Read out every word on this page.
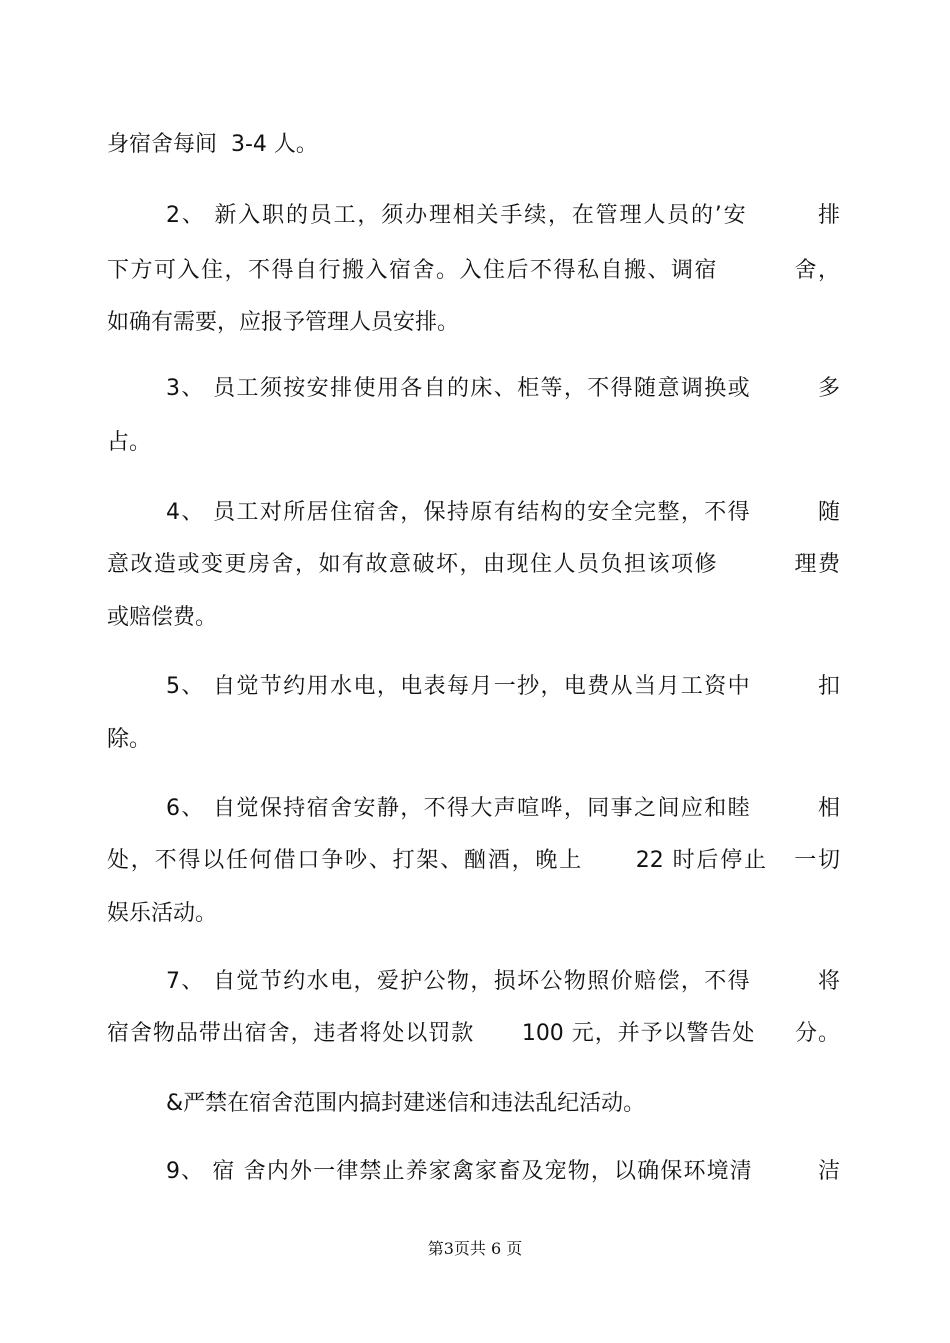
身宿舍每间  3-4 人。
2、 新入职的员工，须办理相关手续，在管理人员的’安        排
下方可入住，不得自行搬入宿舍。入住后不得私自搬、调宿         舍，
如确有需要，应报予管理人员安排。
3、 员工须按安排使用各自的床、柜等，不得随意调换或        多
占。
4、 员工对所居住宿舍，保持原有结构的安全完整，不得        随
意改造或变更房舍，如有故意破坏，由现住人员负担该项修         理费
或赔偿费。
5、 自觉节约用水电，电表每月一抄，电费从当月工资中        扣
除。
6、 自觉保持宿舍安静，不得大声喧哗，同事之间应和睦        相
处，不得以任何借口争吵、打架、酗酒，晚上      22 时后停止   一切
娱乐活动。
7、 自觉节约水电，爱护公物，损坏公物照价赔偿，不得        将
宿舍物品带出宿舍，违者将处以罚款      100 元，并予以警告处     分。
&严禁在宿舍范围内搞封建迷信和违法乱纪活动。
9、 宿 舍内外一律禁止养家禽家畜及宠物，以确保环境清        洁
第3页共 6 页
